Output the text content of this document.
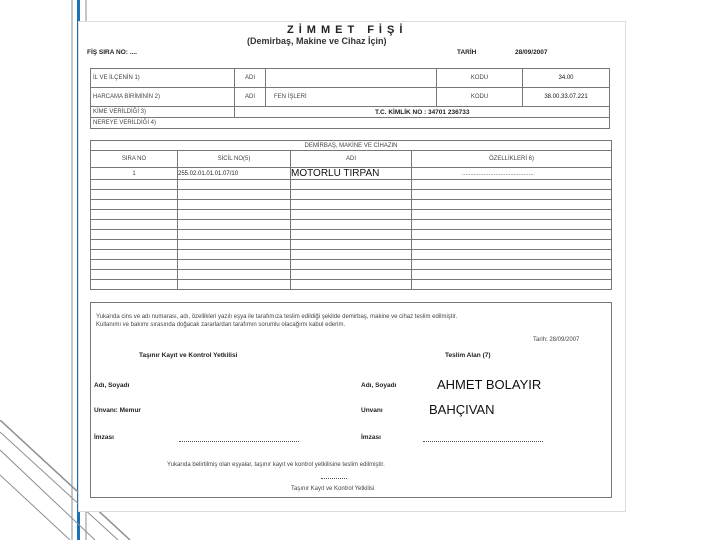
ZİMMET FİŞİ
(Demirbaş, Makine ve Cihaz İçin)
FİŞ SIRA NO: ....	TARİH	28/09/2007
İL VE İLÇENİN 1)	ADI		KODU	34.00
HARCAMA BİRİMİNİN 2)	ADI	FEN İŞLERİ	KODU	38.00.33.07.221
KİME VERİLDİĞİ 3)	T.C. KİMLİK NO : 34701 236733			
NEREYE VERİLDİĞİ 4)				
DEMİRBAŞ, MAKİNE VE CİHAZIN			
SIRA NO	SİCİL NO(5)	ADI	ÖZELLİKLERİ 6)
1	255.02.01.01.01.07/10	MOTORLU TIRPAN	...........................................

Yukarıda cins ve adı numarası, adı, özellikleri yazılı eşya ile tarafımıza teslim edildiği şekilde demirbaş, makine ve cihaz teslim edilmiştir.
Kullanımı ve bakımı sırasında doğacak zararlardan tarafımın sorumlu olacağımı kabul ederim.
Tarih: 28/09/2007
Taşınır Kayıt ve Kontrol Yetkilisi	Teslim Alan (7)
Adı, Soyadı	Adı, Soyadı	AHMET BOLAYIR
Unvanı: Memur	Unvanı	BAHÇIVAN
İmzası	İmzası
Yukarıda belirtilmiş olan eşyalar, taşınır kayıt ve kontrol yetkilisine teslim edilmiştir.
Taşınır Kayıt ve Kontrol Yetkilisi
